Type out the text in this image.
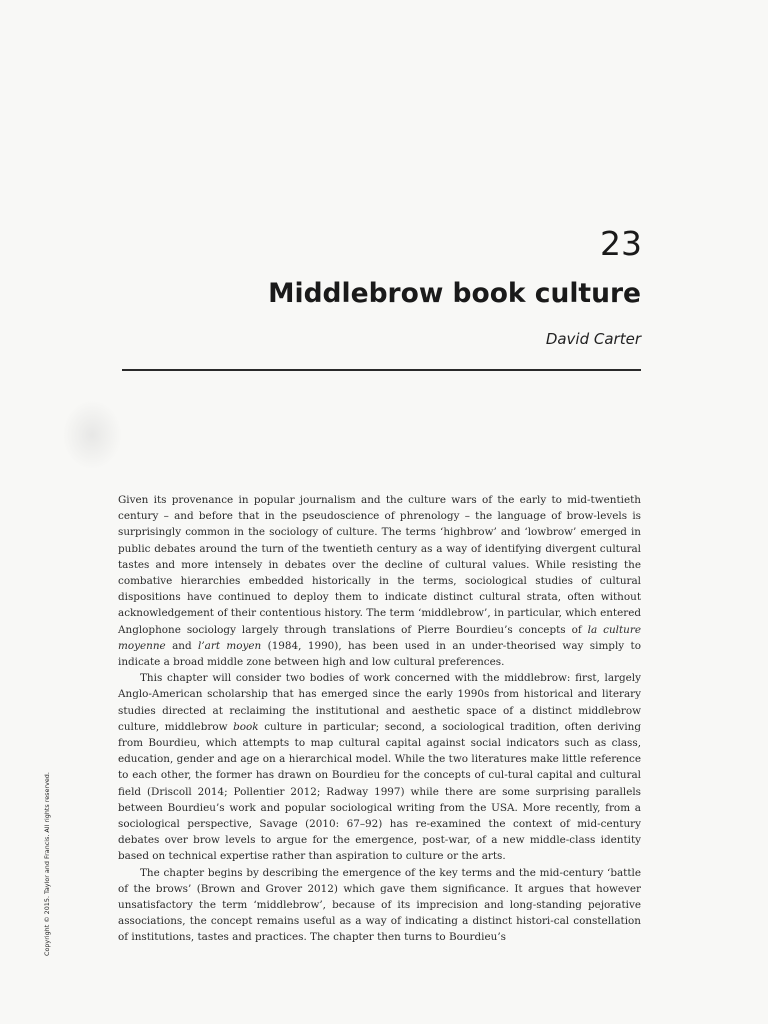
23
Middlebrow book culture
David Carter

Given its provenance in popular journalism and the culture wars of the early to mid-twentieth century – and before that in the pseudoscience of phrenology – the language of brow-levels is surprisingly common in the sociology of culture. The terms ‘highbrow’ and ‘lowbrow’ emerged in public debates around the turn of the twentieth century as a way of identifying divergent cultural tastes and more intensely in debates over the decline of cultural values. While resisting the combative hierarchies embedded historically in the terms, sociological studies of cultural dispositions have continued to deploy them to indicate distinct cultural strata, often without acknowledgement of their contentious history. The term ‘middlebrow’, in particular, which entered Anglophone sociology largely through translations of Pierre Bourdieu’s concepts of la culture moyenne and l’art moyen (1984, 1990), has been used in an under-theorised way simply to indicate a broad middle zone between high and low cultural preferences.

This chapter will consider two bodies of work concerned with the middlebrow: first, largely Anglo-American scholarship that has emerged since the early 1990s from historical and literary studies directed at reclaiming the institutional and aesthetic space of a distinct middlebrow culture, middlebrow book culture in particular; second, a sociological tradition, often deriving from Bourdieu, which attempts to map cultural capital against social indicators such as class, education, gender and age on a hierarchical model. While the two literatures make little reference to each other, the former has drawn on Bourdieu for the concepts of cul-tural capital and cultural field (Driscoll 2014; Pollentier 2012; Radway 1997) while there are some surprising parallels between Bourdieu’s work and popular sociological writing from the USA. More recently, from a sociological perspective, Savage (2010: 67–92) has re-examined the context of mid-century debates over brow levels to argue for the emergence, post-war, of a new middle-class identity based on technical expertise rather than aspiration to culture or the arts.

The chapter begins by describing the emergence of the key terms and the mid-century ‘battle of the brows’ (Brown and Grover 2012) which gave them significance. It argues that however unsatisfactory the term ‘middlebrow’, because of its imprecision and long-standing pejorative associations, the concept remains useful as a way of indicating a distinct histori-cal constellation of institutions, tastes and practices. The chapter then turns to Bourdieu’s

Copyright © 2015. Taylor and Francis. All rights reserved.
